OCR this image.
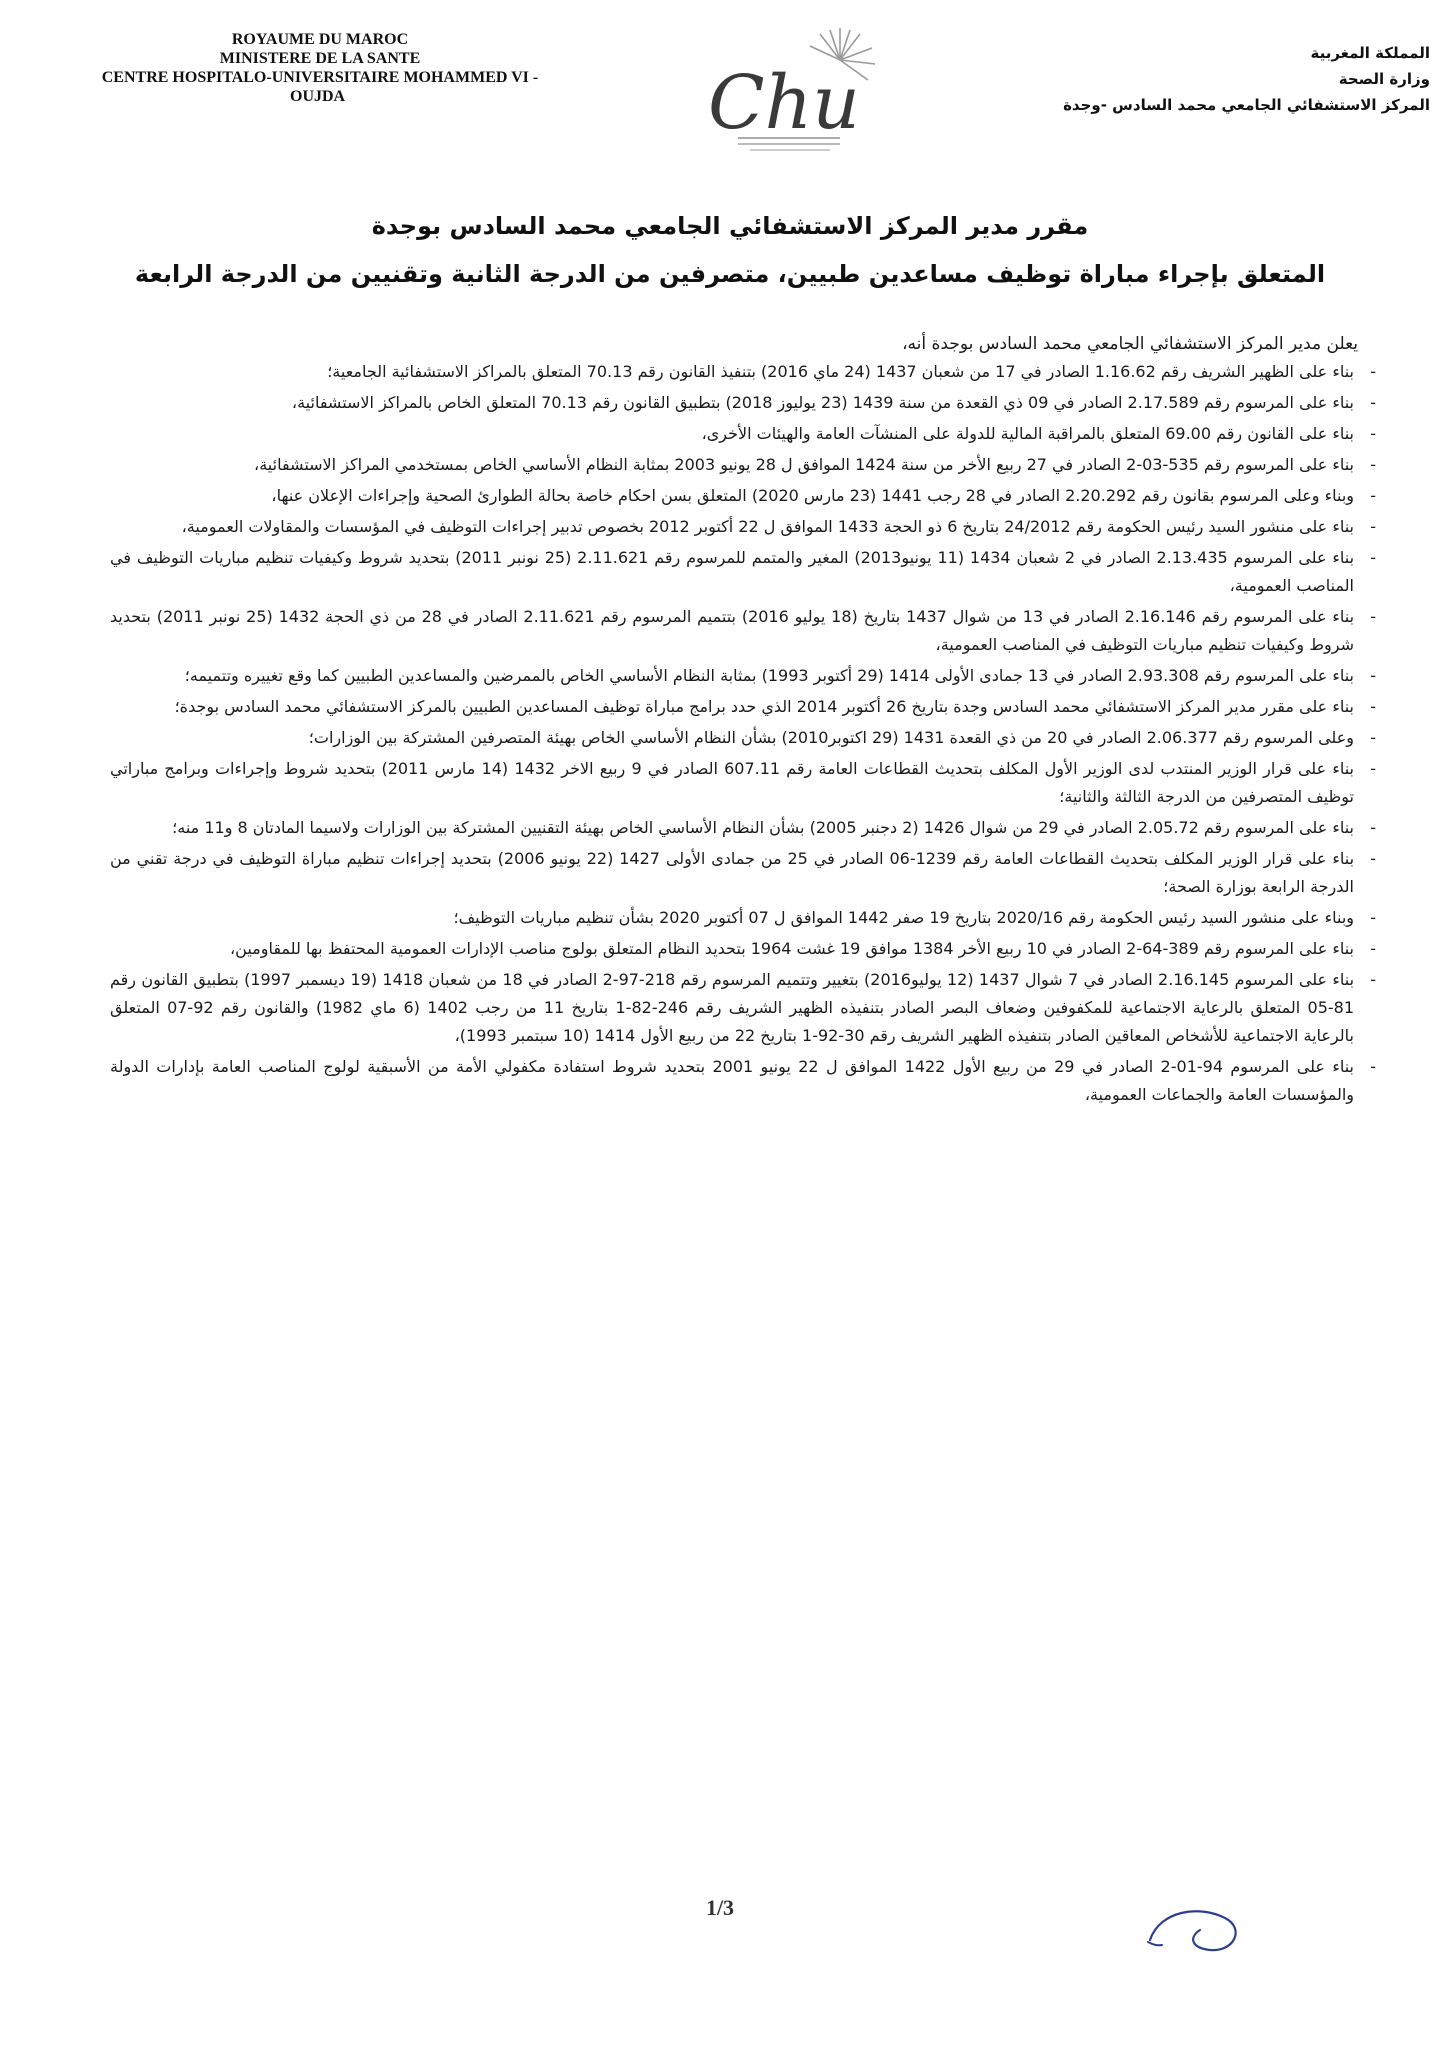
ROYAUME DU MAROC
MINISTERE DE LA SANTE
CENTRE HOSPITALO-UNIVERSITAIRE MOHAMMED VI -
OUJDA	Chu
المملكة المغربية
وزارة الصحة
المركز الاستشفائي الجامعي محمد السادس -وجدة
مقرر مدير المركز الاستشفائي الجامعي محمد السادس بوجدة
المتعلق بإجراء مباراة توظيف مساعدين طبيين، متصرفين من الدرجة الثانية وتقنيين من الدرجة الرابعة
يعلن مدير المركز الاستشفائي الجامعي محمد السادس بوجدة أنه،
-
بناء على الظهير الشريف رقم 1.16.62 الصادر في 17 من شعبان 1437 (24 ماي 2016) بتنفيذ القانون رقم 70.13 المتعلق بالمراكز الاستشفائية الجامعية؛
-
بناء على المرسوم رقم 2.17.589 الصادر في 09 ذي القعدة من سنة 1439 (23 يوليوز 2018) بتطبيق القانون رقم 70.13 المتعلق الخاص بالمراكز الاستشفائية،
-
بناء على القانون رقم 69.00 المتعلق بالمراقبة المالية للدولة على المنشآت العامة والهيئات الأخرى،
-
بناء على المرسوم رقم 535-03-2 الصادر في 27 ربيع الأخر من سنة 1424 الموافق ل 28 يونيو 2003 بمثابة النظام الأساسي الخاص بمستخدمي المراكز الاستشفائية،
-
وبناء وعلى المرسوم بقانون رقم 2.20.292 الصادر في 28 رجب 1441 (23 مارس 2020) المتعلق بسن احكام خاصة بحالة الطوارئ الصحية وإجراءات الإعلان عنها،
-
بناء على منشور السيد رئيس الحكومة رقم 24/2012 بتاريخ 6 ذو الحجة 1433 الموافق ل 22 أكتوبر 2012 بخصوص تدبير إجراءات التوظيف في المؤسسات والمقاولات العمومية،
-
بناء على المرسوم 2.13.435 الصادر في 2 شعبان 1434 (11 يونيو2013) المغير والمتمم للمرسوم رقم 2.11.621 (25 نونبر 2011) بتحديد شروط وكيفيات تنظيم مباريات التوظيف في المناصب العمومية،
-
بناء على المرسوم رقم 2.16.146 الصادر في 13 من شوال 1437 بتاريخ (18 يوليو 2016) بتتميم المرسوم رقم 2.11.621 الصادر في 28 من ذي الحجة 1432 (25 نونبر 2011) بتحديد شروط وكيفيات تنظيم مباريات التوظيف في المناصب العمومية،
-
بناء على المرسوم رقم 2.93.308 الصادر في 13 جمادى الأولى 1414 (29 أكتوبر 1993) بمثابة النظام الأساسي الخاص بالممرضين والمساعدين الطبيين كما وقع تغييره وتتميمه؛
-
بناء على مقرر مدير المركز الاستشفائي محمد السادس وجدة بتاريخ 26 أكتوبر 2014 الذي حدد برامج مباراة توظيف المساعدين الطبيين بالمركز الاستشفائي محمد السادس بوجدة؛
-
وعلى المرسوم رقم 2.06.377 الصادر في 20 من ذي القعدة 1431 (29 اكتوبر2010) بشأن النظام الأساسي الخاص بهيئة المتصرفين المشتركة بين الوزارات؛
-
بناء على قرار الوزير المنتدب لدى الوزير الأول المكلف بتحديث القطاعات العامة رقم 607.11 الصادر في 9 ربيع الاخر 1432 (14 مارس 2011) بتحديد شروط وإجراءات وبرامج مباراتي توظيف المتصرفين من الدرجة الثالثة والثانية؛
-
بناء على المرسوم رقم 2.05.72 الصادر في 29 من شوال 1426 (2 دجنبر 2005) بشأن النظام الأساسي الخاص بهيئة التقنيين المشتركة بين الوزارات ولاسيما المادتان 8 و11 منه؛
-
بناء على قرار الوزير المكلف بتحديث القطاعات العامة رقم 1239-06 الصادر في 25 من جمادى الأولى 1427 (22 يونيو 2006) بتحديد إجراءات تنظيم مباراة التوظيف في درجة تقني من الدرجة الرابعة بوزارة الصحة؛
-
وبناء على منشور السيد رئيس الحكومة رقم 2020/16 بتاريخ 19 صفر 1442 الموافق ل 07 أكتوبر 2020 بشأن تنظيم مباريات التوظيف؛
-
بناء على المرسوم رقم 389-64-2 الصادر في 10 ربيع الأخر 1384 موافق 19 غشت 1964 بتحديد النظام المتعلق بولوج مناصب الإدارات العمومية المحتفظ بها للمقاومين،
-
بناء على المرسوم 2.16.145 الصادر في 7 شوال 1437 (12 يوليو2016) بتغيير وتتميم المرسوم رقم 218-97-2 الصادر في 18 من شعبان 1418 (19 ديسمبر 1997) بتطبيق القانون رقم 81-05 المتعلق بالرعاية الاجتماعية للمكفوفين وضعاف البصر الصادر بتنفيذه الظهير الشريف رقم 246-82-1 بتاريخ 11 من رجب 1402 (6 ماي 1982) والقانون رقم 92-07 المتعلق بالرعاية الاجتماعية للأشخاص المعاقين الصادر بتنفيذه الظهير الشريف رقم 30-92-1 بتاريخ 22 من ربيع الأول 1414 (10 سبتمبر 1993)،
-
بناء على المرسوم 94-01-2 الصادر في 29 من ربيع الأول 1422 الموافق ل 22 يونيو 2001 بتحديد شروط استفادة مكفولي الأمة من الأسبقية لولوج المناصب العامة بإدارات الدولة والمؤسسات العامة والجماعات العمومية،
1/3
